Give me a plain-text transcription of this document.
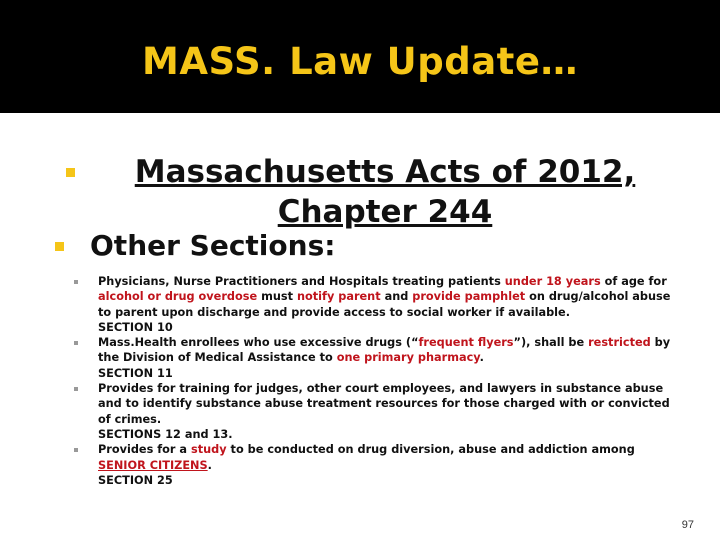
MASS. Law Update…
Massachusetts Acts of 2012,
Chapter 244
Other Sections:
Physicians, Nurse Practitioners and Hospitals treating patients under 18 years of age for alcohol or drug overdose must notify parent and provide pamphlet on drug/alcohol abuse to parent upon discharge and provide access to social worker if available.
SECTION 10
Mass.Health enrollees who use excessive drugs (“frequent flyers”), shall be restricted by the Division of Medical Assistance to one primary pharmacy.
SECTION 11
Provides for training for judges, other court employees, and lawyers in substance abuse and to identify substance abuse treatment resources for those charged with or convicted of crimes.
SECTIONS 12 and 13.
Provides for a study to be conducted on drug diversion, abuse and addiction among SENIOR CITIZENS.
SECTION 25
97
